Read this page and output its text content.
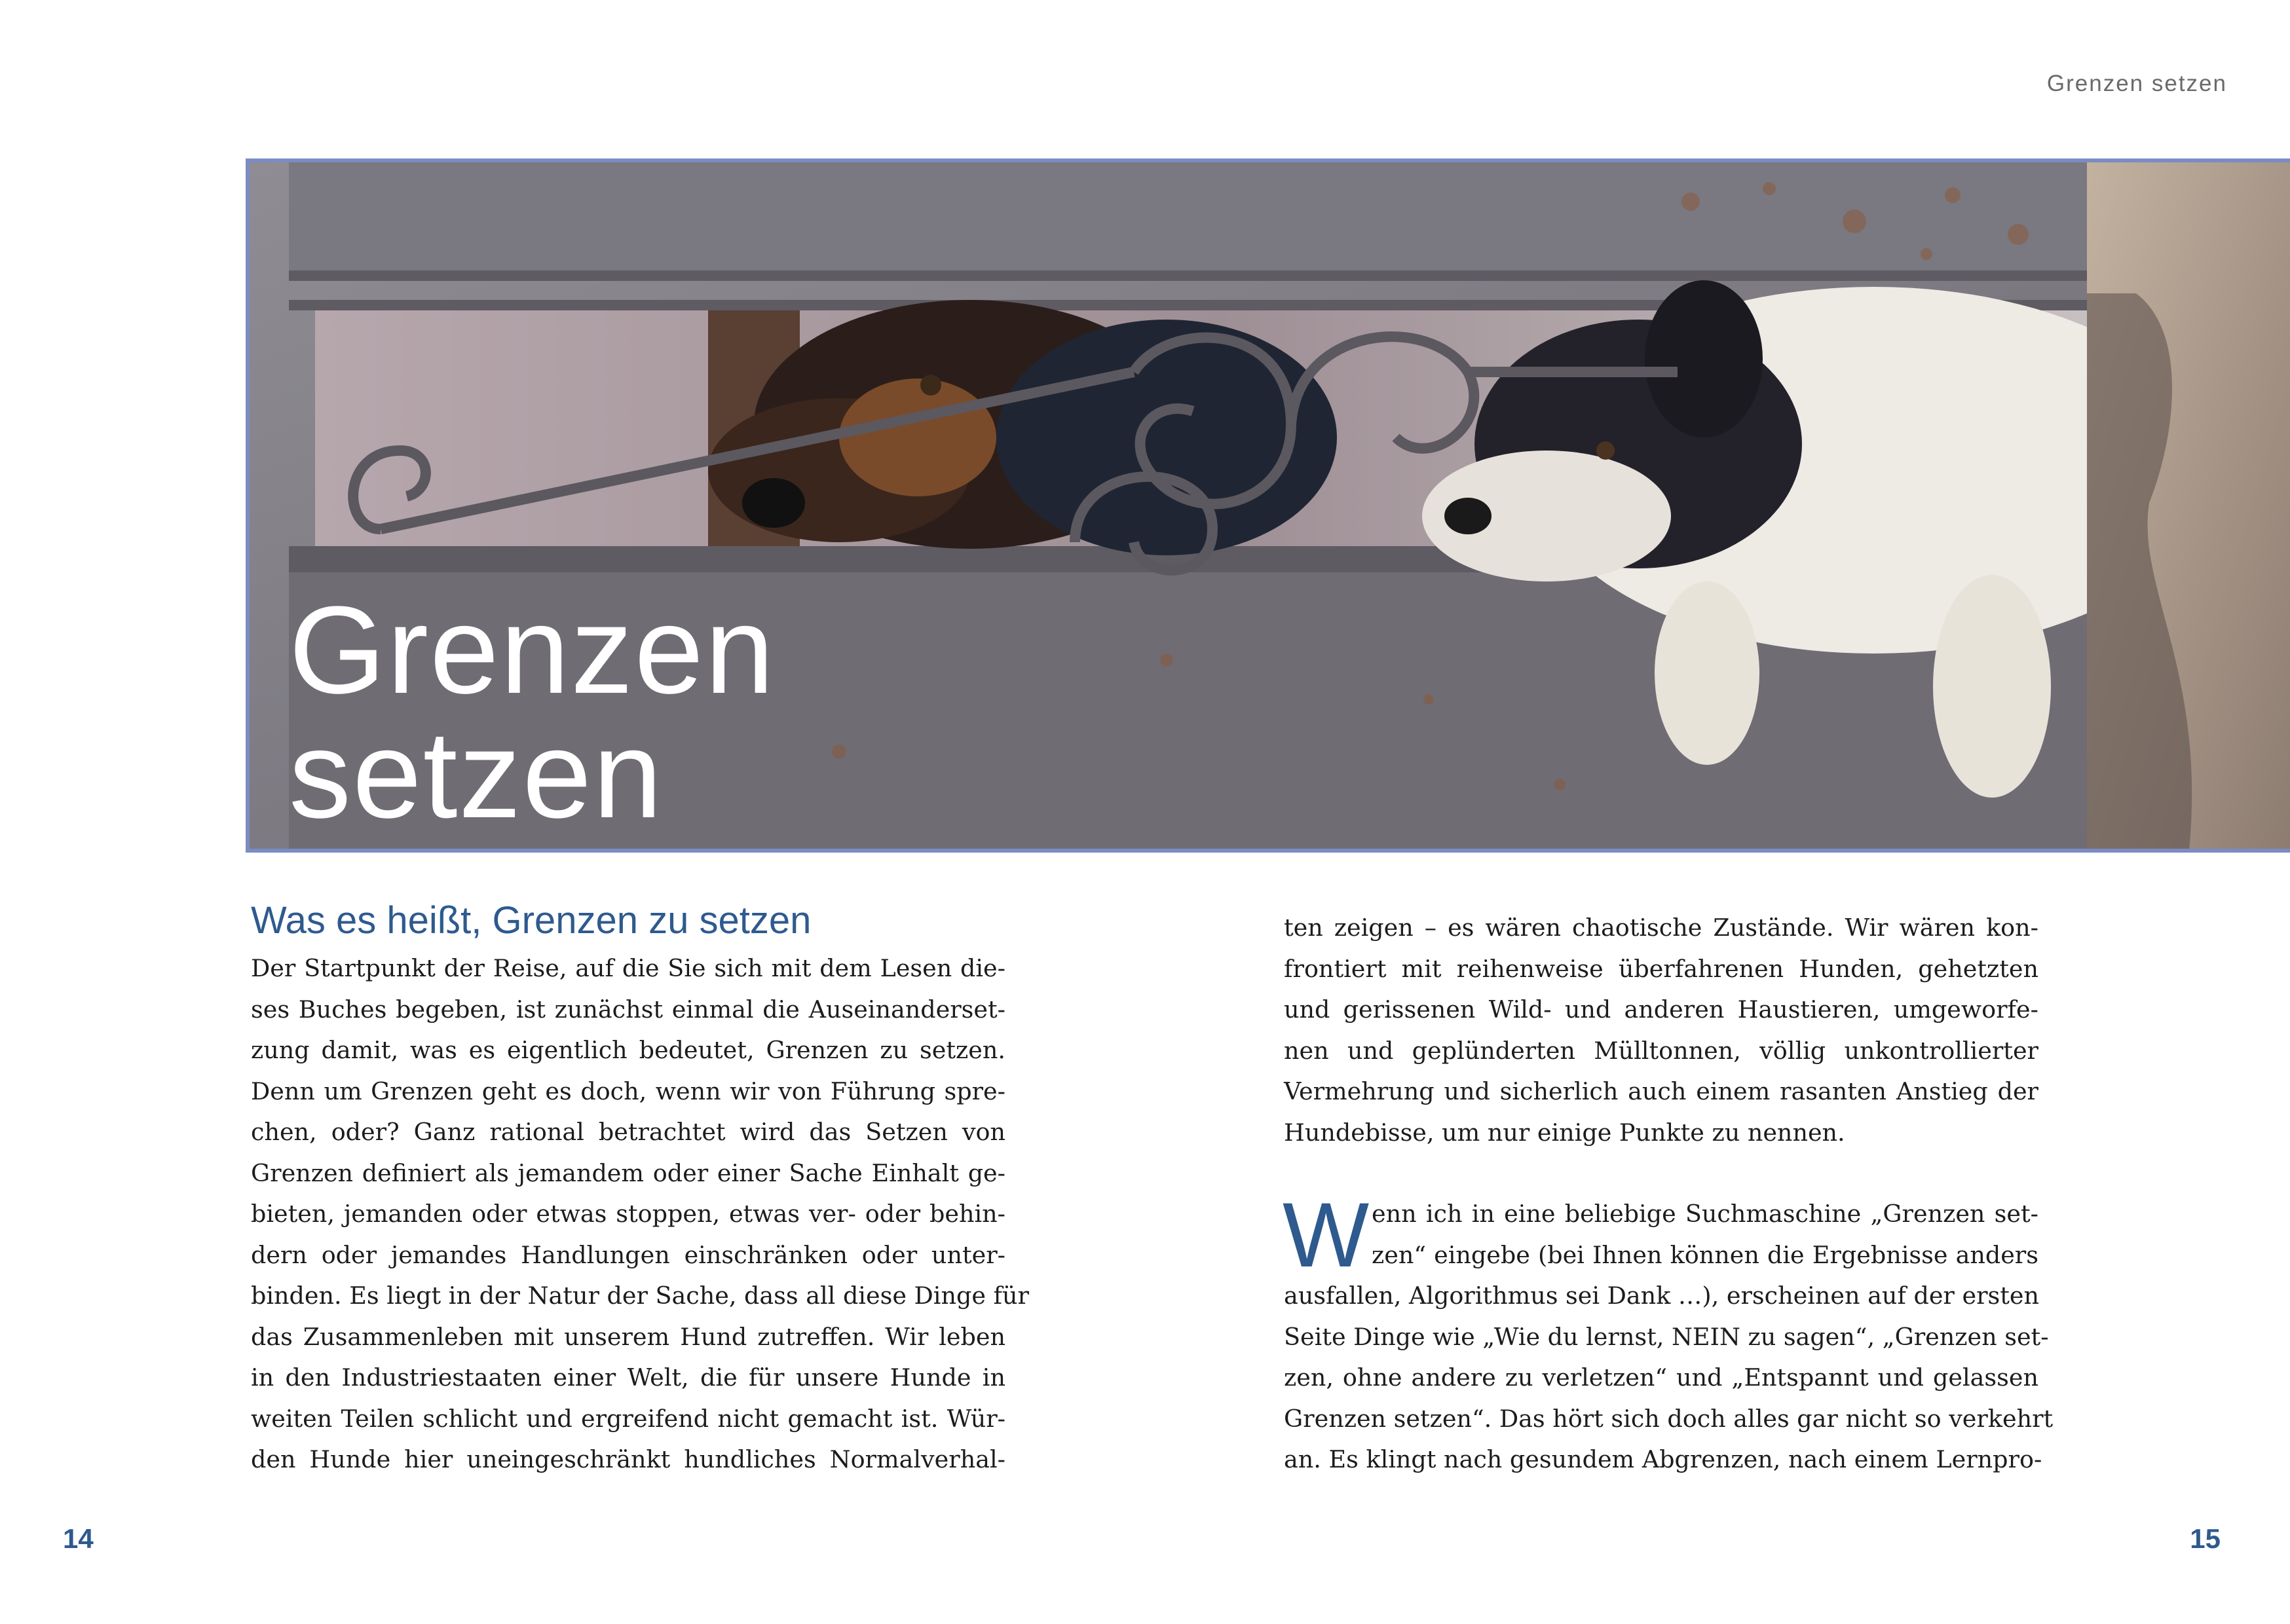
Grenzen setzen
Grenzen
setzen
Was es heißt, Grenzen zu setzen
Der Startpunkt der Reise, auf die Sie sich mit dem Lesen die-
ses Buches begeben, ist zunächst einmal die Auseinanderset-
zung damit, was es eigentlich bedeutet, Grenzen zu setzen.
Denn um Grenzen geht es doch, wenn wir von Führung spre-
chen, oder? Ganz rational betrachtet wird das Setzen von
Grenzen definiert als jemandem oder einer Sache Einhalt ge-
bieten, jemanden oder etwas stoppen, etwas ver- oder behin-
dern oder jemandes Handlungen einschränken oder unter-
binden. Es liegt in der Natur der Sache, dass all diese Dinge für
das Zusammenleben mit unserem Hund zutreffen. Wir leben
in den Industriestaaten einer Welt, die für unsere Hunde in
weiten Teilen schlicht und ergreifend nicht gemacht ist. Wür-
den Hunde hier uneingeschränkt hundliches Normalverhal-
ten zeigen – es wären chaotische Zustände. Wir wären kon-
frontiert mit reihenweise überfahrenen Hunden, gehetzten
und gerissenen Wild- und anderen Haustieren, umgeworfe-
nen und geplünderten Mülltonnen, völlig unkontrollierter
Vermehrung und sicherlich auch einem rasanten Anstieg der
Hundebisse, um nur einige Punkte zu nennen.
W enn ich in eine beliebige Suchmaschine „Grenzen set-
zen“ eingebe (bei Ihnen können die Ergebnisse anders
ausfallen, Algorithmus sei Dank …), erscheinen auf der ersten
Seite Dinge wie „Wie du lernst, NEIN zu sagen“, „Grenzen set-
zen, ohne andere zu verletzen“ und „Entspannt und gelassen
Grenzen setzen“. Das hört sich doch alles gar nicht so verkehrt
an. Es klingt nach gesundem Abgrenzen, nach einem Lernpro-
14	15
